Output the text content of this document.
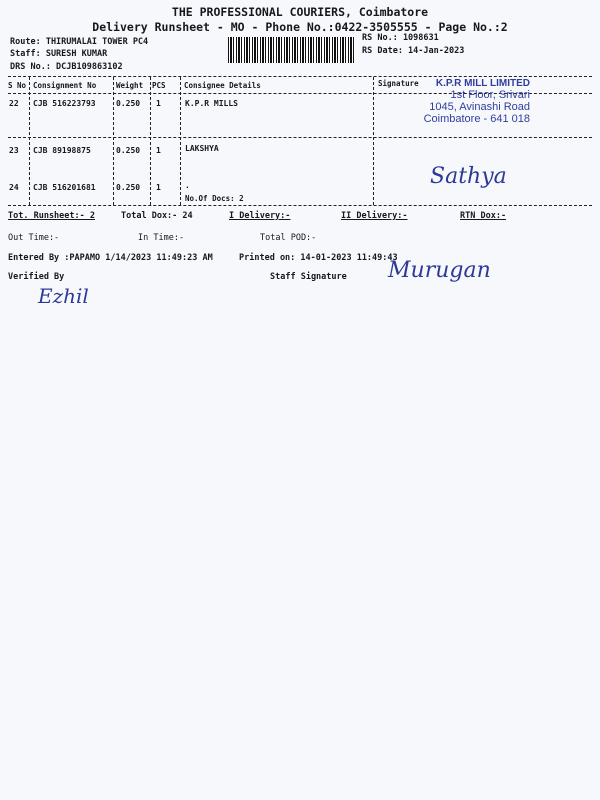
THE PROFESSIONAL COURIERS, Coimbatore
Delivery Runsheet - MO - Phone No.:0422-3505555 - Page No.:2
Route: THIRUMALAI TOWER PC4
Staff: SURESH KUMAR
DRS No.: DCJB109863102
RS No.: 1098631
RS Date: 14-Jan-2023
S No Consignment No	Weight PCS Consignee Details	Signature
22 CJB 516223793	0.250 1	K.P.R MILLS
23 CJB 89198875	0.250 1	LAKSHYA
24 CJB 516201681	0.250 1	.
No.Of Docs: 2
K.P.R MILL LIMITED
1st Floor, Srivari
1045, Avinashi Road
Coimbatore - 641 018
Sathya
Tot. Runsheet:- 2	Total Dox:- 24	I Delivery:-	II Delivery:-	RTN Dox:-
Out Time:-	In Time:-	Total POD:-
Entered By :PAPAMO 1/14/2023 11:49:23 AM	Printed on: 14-01-2023 11:49:43
Verified By	Staff Signature
Ezhil
Murugan
